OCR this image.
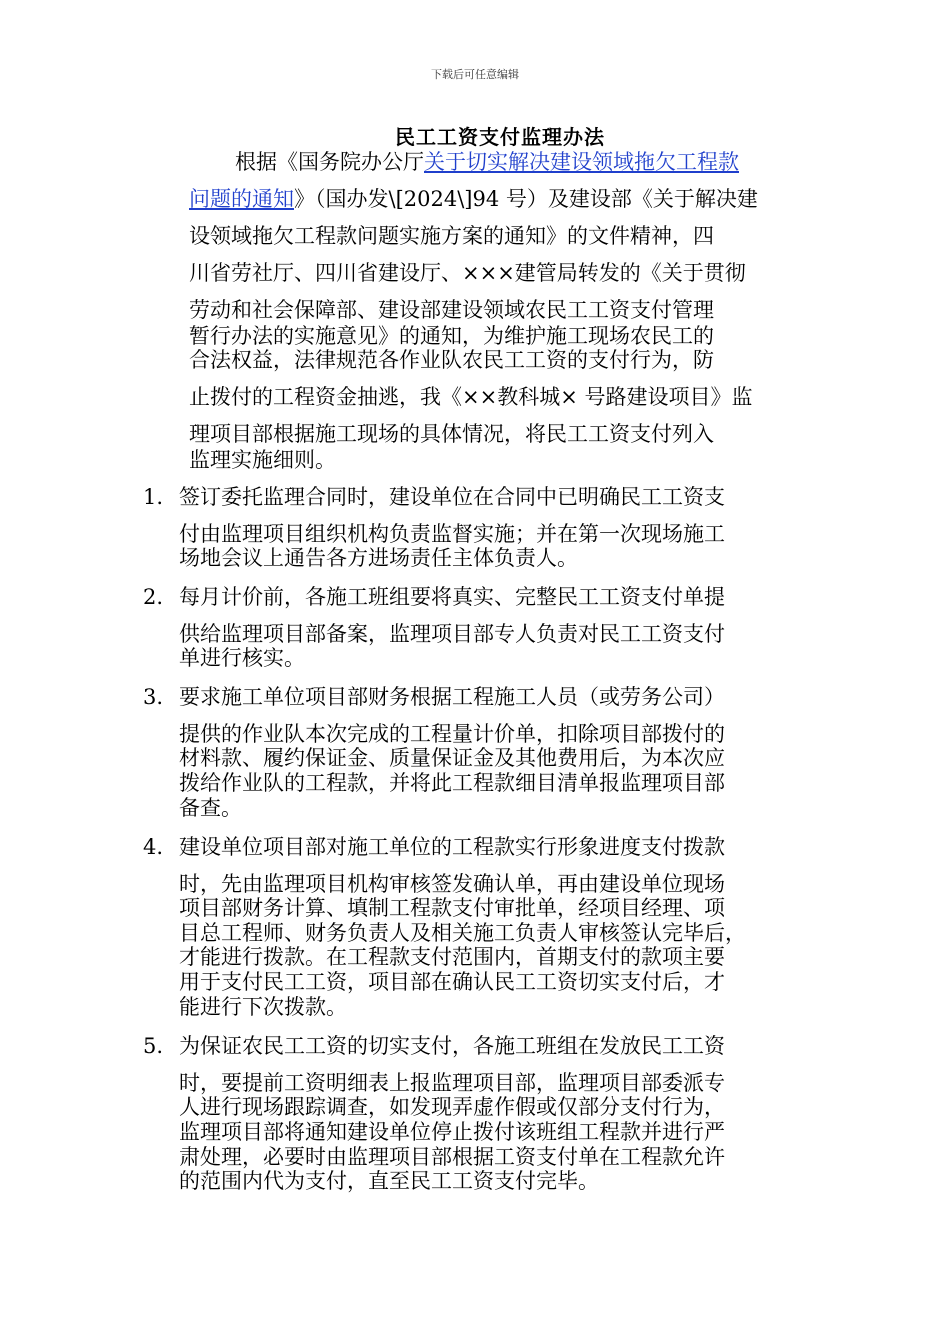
下载后可任意编辑
民工工资支付监理办法
根据《国务院办公厅关于切实解决建设领域拖欠工程款
问题的通知》（国办发\[2024\]94 号）及建设部《关于解决建
设领域拖欠工程款问题实施方案的通知》的文件精神，四
川省劳社厅、四川省建设厅、×××建管局转发的《关于贯彻
劳动和社会保障部、建设部建设领域农民工工资支付管理
暂行办法的实施意见》的通知，为维护施工现场农民工的
合法权益，法律规范各作业队农民工工资的支付行为，防
止拨付的工程资金抽逃，我《××教科城× 号路建设项目》监
理项目部根据施工现场的具体情况，将民工工资支付列入
监理实施细则。
1. 签订委托监理合同时，建设单位在合同中已明确民工工资支
付由监理项目组织机构负责监督实施；并在第一次现场施工
场地会议上通告各方进场责任主体负责人。
2. 每月计价前，各施工班组要将真实、完整民工工资支付单提
供给监理项目部备案，监理项目部专人负责对民工工资支付
单进行核实。
3. 要求施工单位项目部财务根据工程施工人员（或劳务公司）
提供的作业队本次完成的工程量计价单，扣除项目部拨付的
材料款、履约保证金、质量保证金及其他费用后，为本次应
拨给作业队的工程款，并将此工程款细目清单报监理项目部
备查。
4. 建设单位项目部对施工单位的工程款实行形象进度支付拨款
时，先由监理项目机构审核签发确认单，再由建设单位现场
项目部财务计算、填制工程款支付审批单，经项目经理、项
目总工程师、财务负责人及相关施工负责人审核签认完毕后，
才能进行拨款。在工程款支付范围内，首期支付的款项主要
用于支付民工工资，项目部在确认民工工资切实支付后，才
能进行下次拨款。
5. 为保证农民工工资的切实支付，各施工班组在发放民工工资
时，要提前工资明细表上报监理项目部，监理项目部委派专
人进行现场跟踪调查，如发现弄虚作假或仅部分支付行为，
监理项目部将通知建设单位停止拨付该班组工程款并进行严
肃处理，必要时由监理项目部根据工资支付单在工程款允许
的范围内代为支付，直至民工工资支付完毕。
